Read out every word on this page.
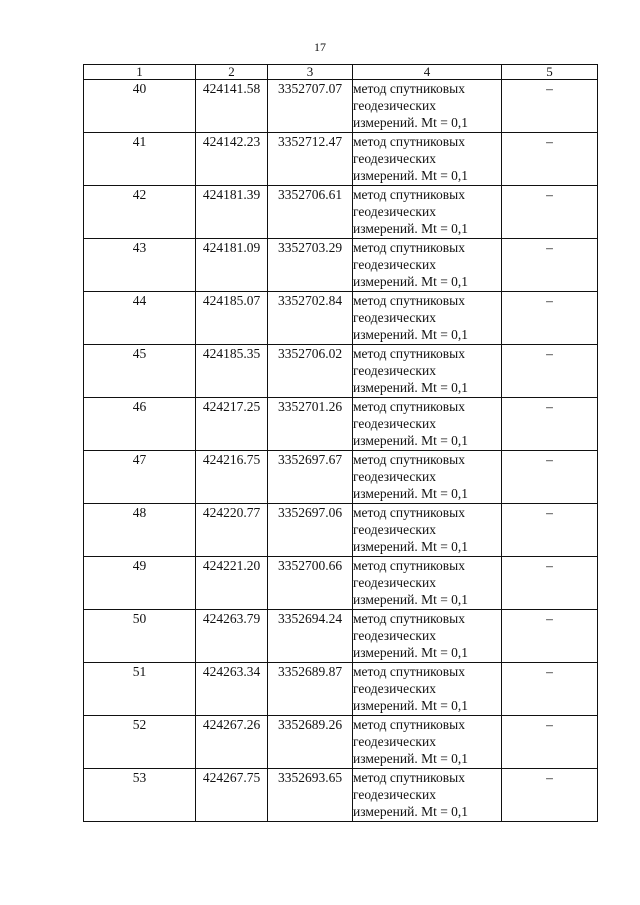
17
1	2	3	4	5
40	424141.58	3352707.07	метод спутниковых
геодезических
измерений. Mt = 0,1	–
41	424142.23	3352712.47	метод спутниковых
геодезических
измерений. Mt = 0,1	–
42	424181.39	3352706.61	метод спутниковых
геодезических
измерений. Mt = 0,1	–
43	424181.09	3352703.29	метод спутниковых
геодезических
измерений. Mt = 0,1	–
44	424185.07	3352702.84	метод спутниковых
геодезических
измерений. Mt = 0,1	–
45	424185.35	3352706.02	метод спутниковых
геодезических
измерений. Mt = 0,1	–
46	424217.25	3352701.26	метод спутниковых
геодезических
измерений. Mt = 0,1	–
47	424216.75	3352697.67	метод спутниковых
геодезических
измерений. Mt = 0,1	–
48	424220.77	3352697.06	метод спутниковых
геодезических
измерений. Mt = 0,1	–
49	424221.20	3352700.66	метод спутниковых
геодезических
измерений. Mt = 0,1	–
50	424263.79	3352694.24	метод спутниковых
геодезических
измерений. Mt = 0,1	–
51	424263.34	3352689.87	метод спутниковых
геодезических
измерений. Mt = 0,1	–
52	424267.26	3352689.26	метод спутниковых
геодезических
измерений. Mt = 0,1	–
53	424267.75	3352693.65	метод спутниковых
геодезических
измерений. Mt = 0,1	–
